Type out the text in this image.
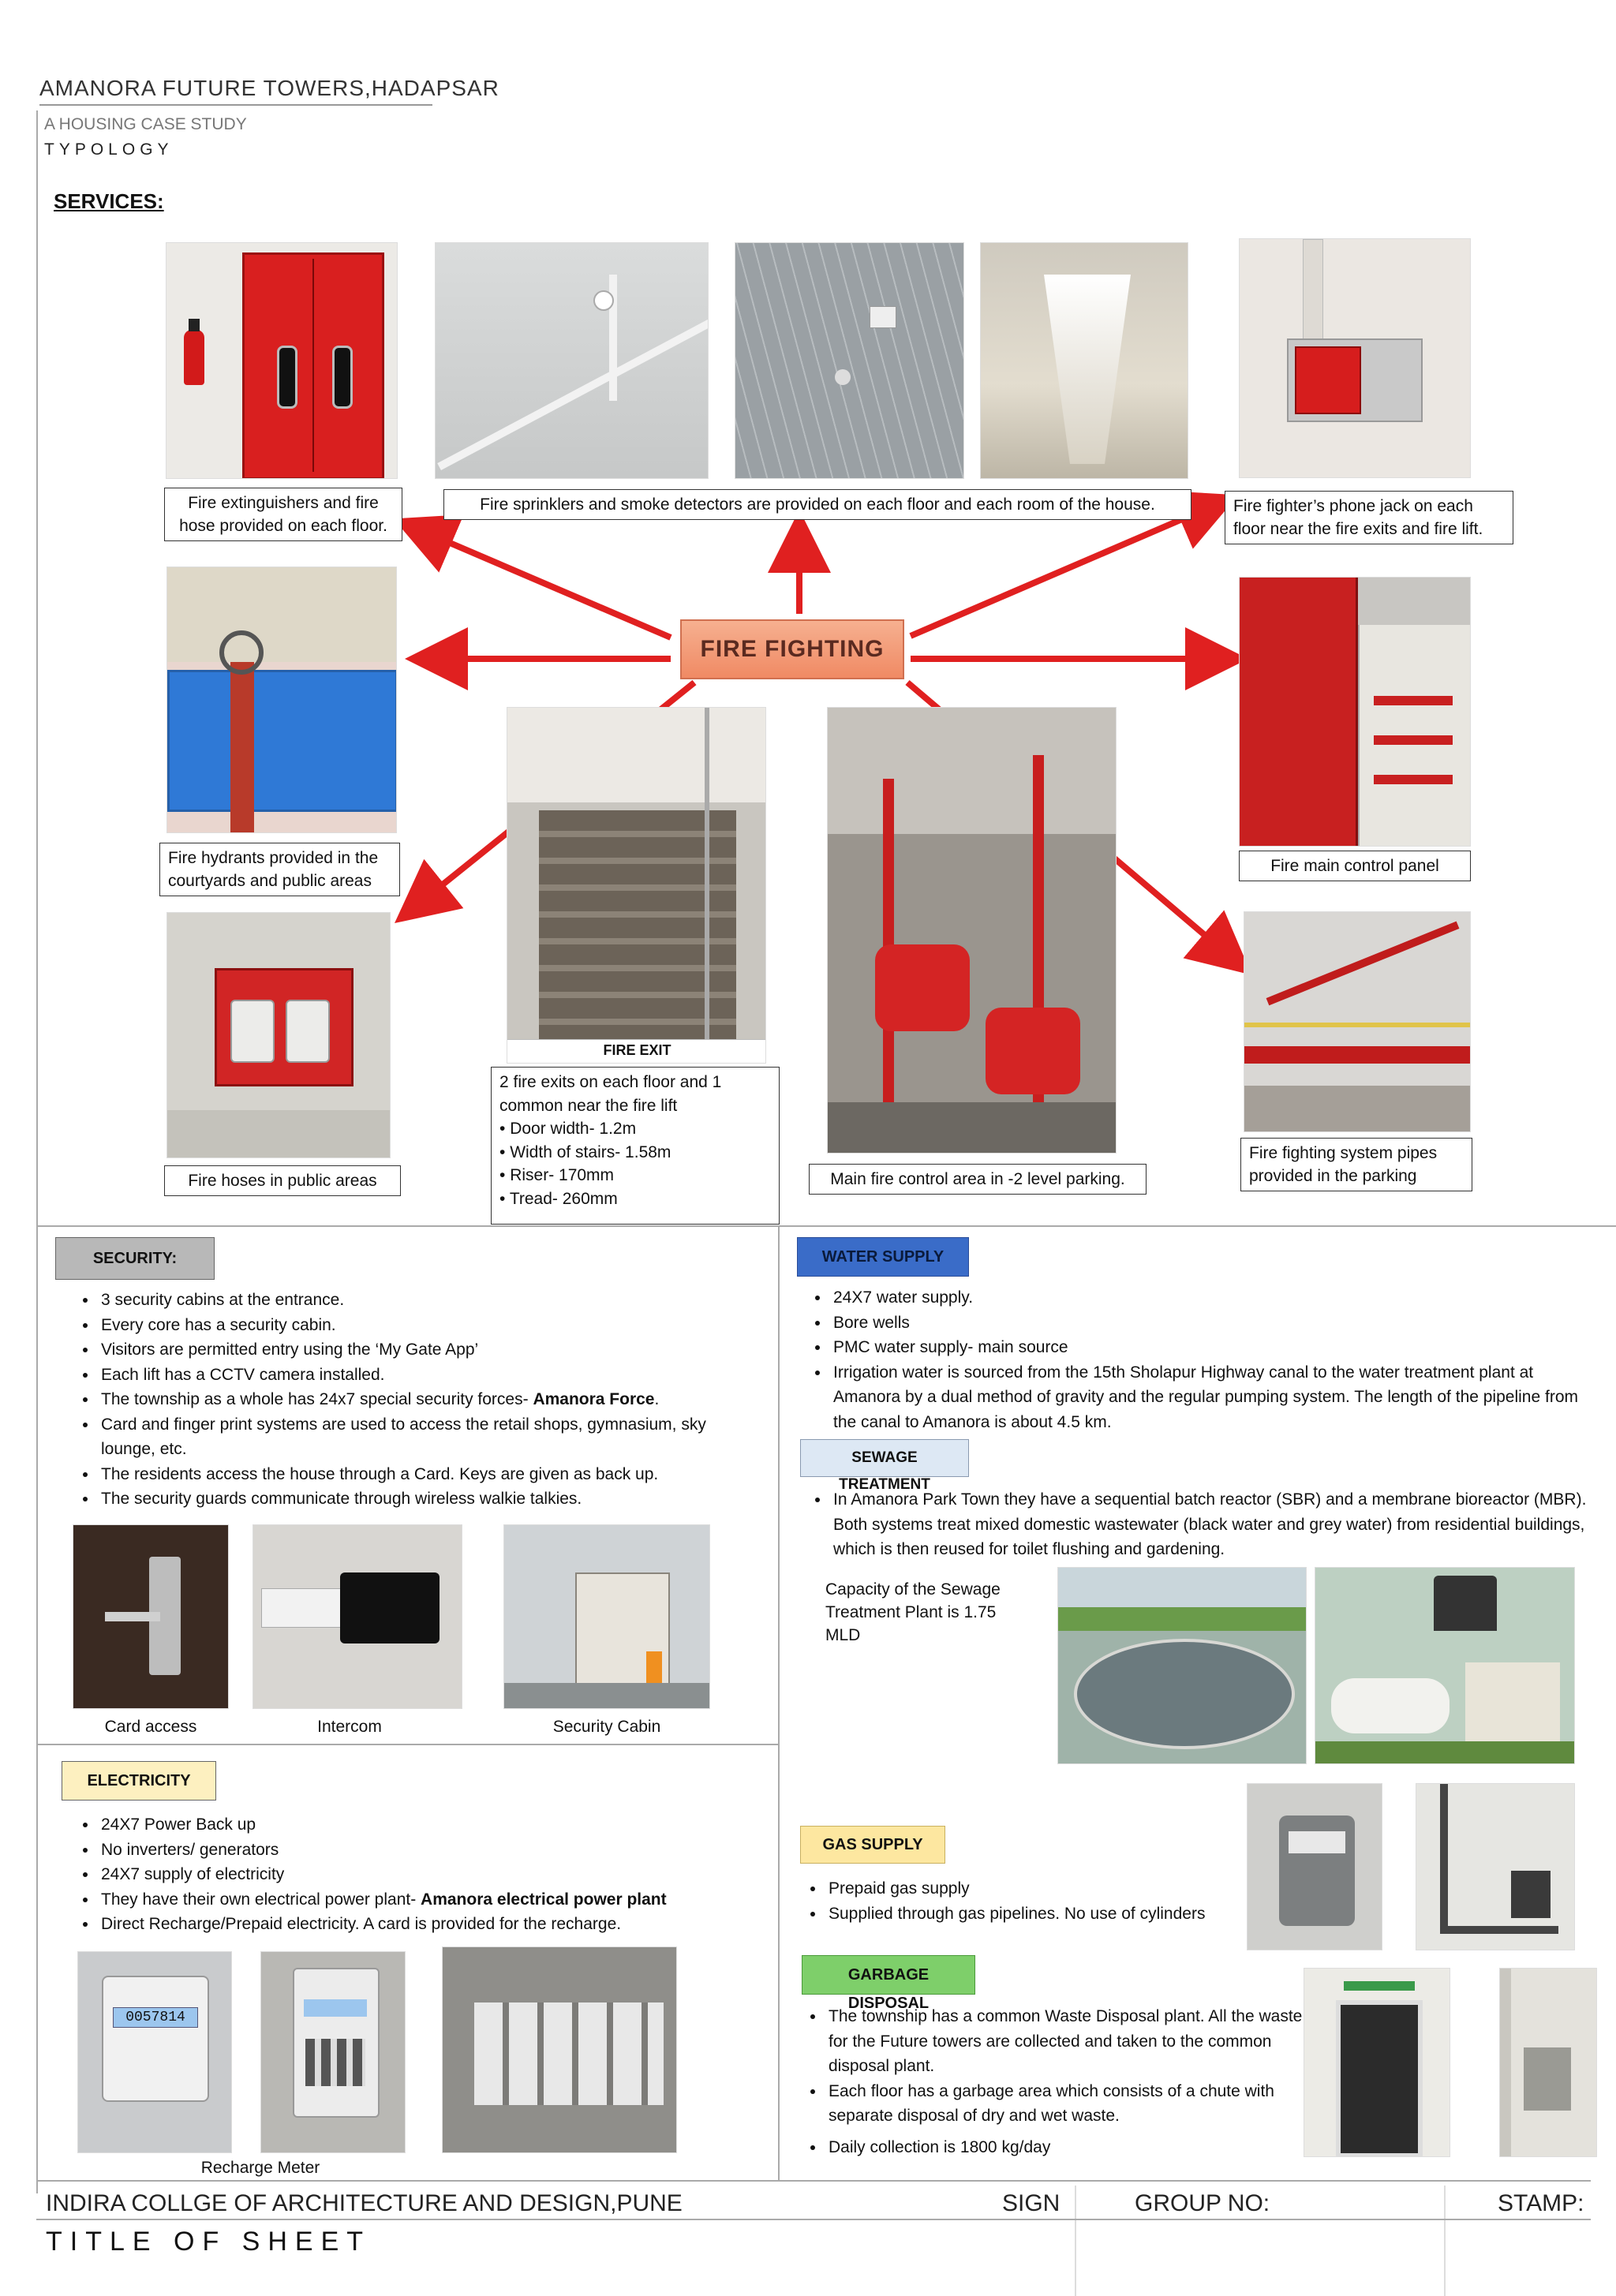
AMANORA FUTURE TOWERS,HADAPSAR
A HOUSING CASE STUDY
TYPOLOGY
SERVICES:
FIRE FIGHTING
Fire extinguishers and fire hose provided on each floor.
Fire sprinklers and smoke detectors are provided on each floor and each room of the house.	Fire fighter’s phone jack on each floor near the fire exits and fire lift.
Fire hydrants provided in the courtyards and public areas
Fire main control panel
FIRE EXIT
2 fire exits on each floor and 1 common near the fire lift
• Door width- 1.2m
• Width of stairs- 1.58m
• Riser- 170mm
• Tread- 260mm
Main fire control area in -2 level parking.
Fire hoses in public areas
Fire fighting system pipes provided in the parking
SECURITY:
• 3 security cabins at the entrance.
• Every core has a security cabin.
• Visitors are permitted entry using the ‘My Gate App’
• Each lift has a CCTV camera installed.
• The township as a whole has 24x7 special security forces- Amanora Force.
• Card and finger print systems are used to access the retail shops, gymnasium, sky lounge, etc.
• The residents access the house through a Card. Keys are given as back up.
• The security guards communicate through wireless walkie talkies.
Card access	Intercom	Security Cabin
ELECTRICITY
• 24X7 Power Back up
• No inverters/ generators
• 24X7 supply of electricity
• They have their own electrical power plant- Amanora electrical power plant
• Direct Recharge/Prepaid electricity. A card is provided for the recharge.
0057814
Recharge Meter
WATER SUPPLY
• 24X7 water supply.
• Bore wells
• PMC water supply- main source
• Irrigation water is sourced from the 15th Sholapur Highway canal to the water treatment plant at Amanora by a dual method of gravity and the regular pumping system. The length of the pipeline from the canal to Amanora is about 4.5 km.
SEWAGE TREATMENT
• In Amanora Park Town they have a sequential batch reactor (SBR) and a membrane bioreactor (MBR). Both systems treat mixed domestic wastewater (black water and grey water) from residential buildings, which is then reused for toilet flushing and gardening.
Capacity of the Sewage Treatment Plant is 1.75 MLD
GAS SUPPLY
• Prepaid gas supply
• Supplied through gas pipelines. No use of cylinders
GARBAGE DISPOSAL
• The township has a common Waste Disposal plant. All the waste for the Future towers are collected and taken to the common disposal plant.
• Each floor has a garbage area which consists of a chute with separate disposal of dry and wet waste.
• Daily collection is 1800 kg/day
INDIRA COLLGE OF ARCHITECTURE AND DESIGN,PUNE	SIGN	GROUP NO:	STAMP:
TITLE OF SHEET
